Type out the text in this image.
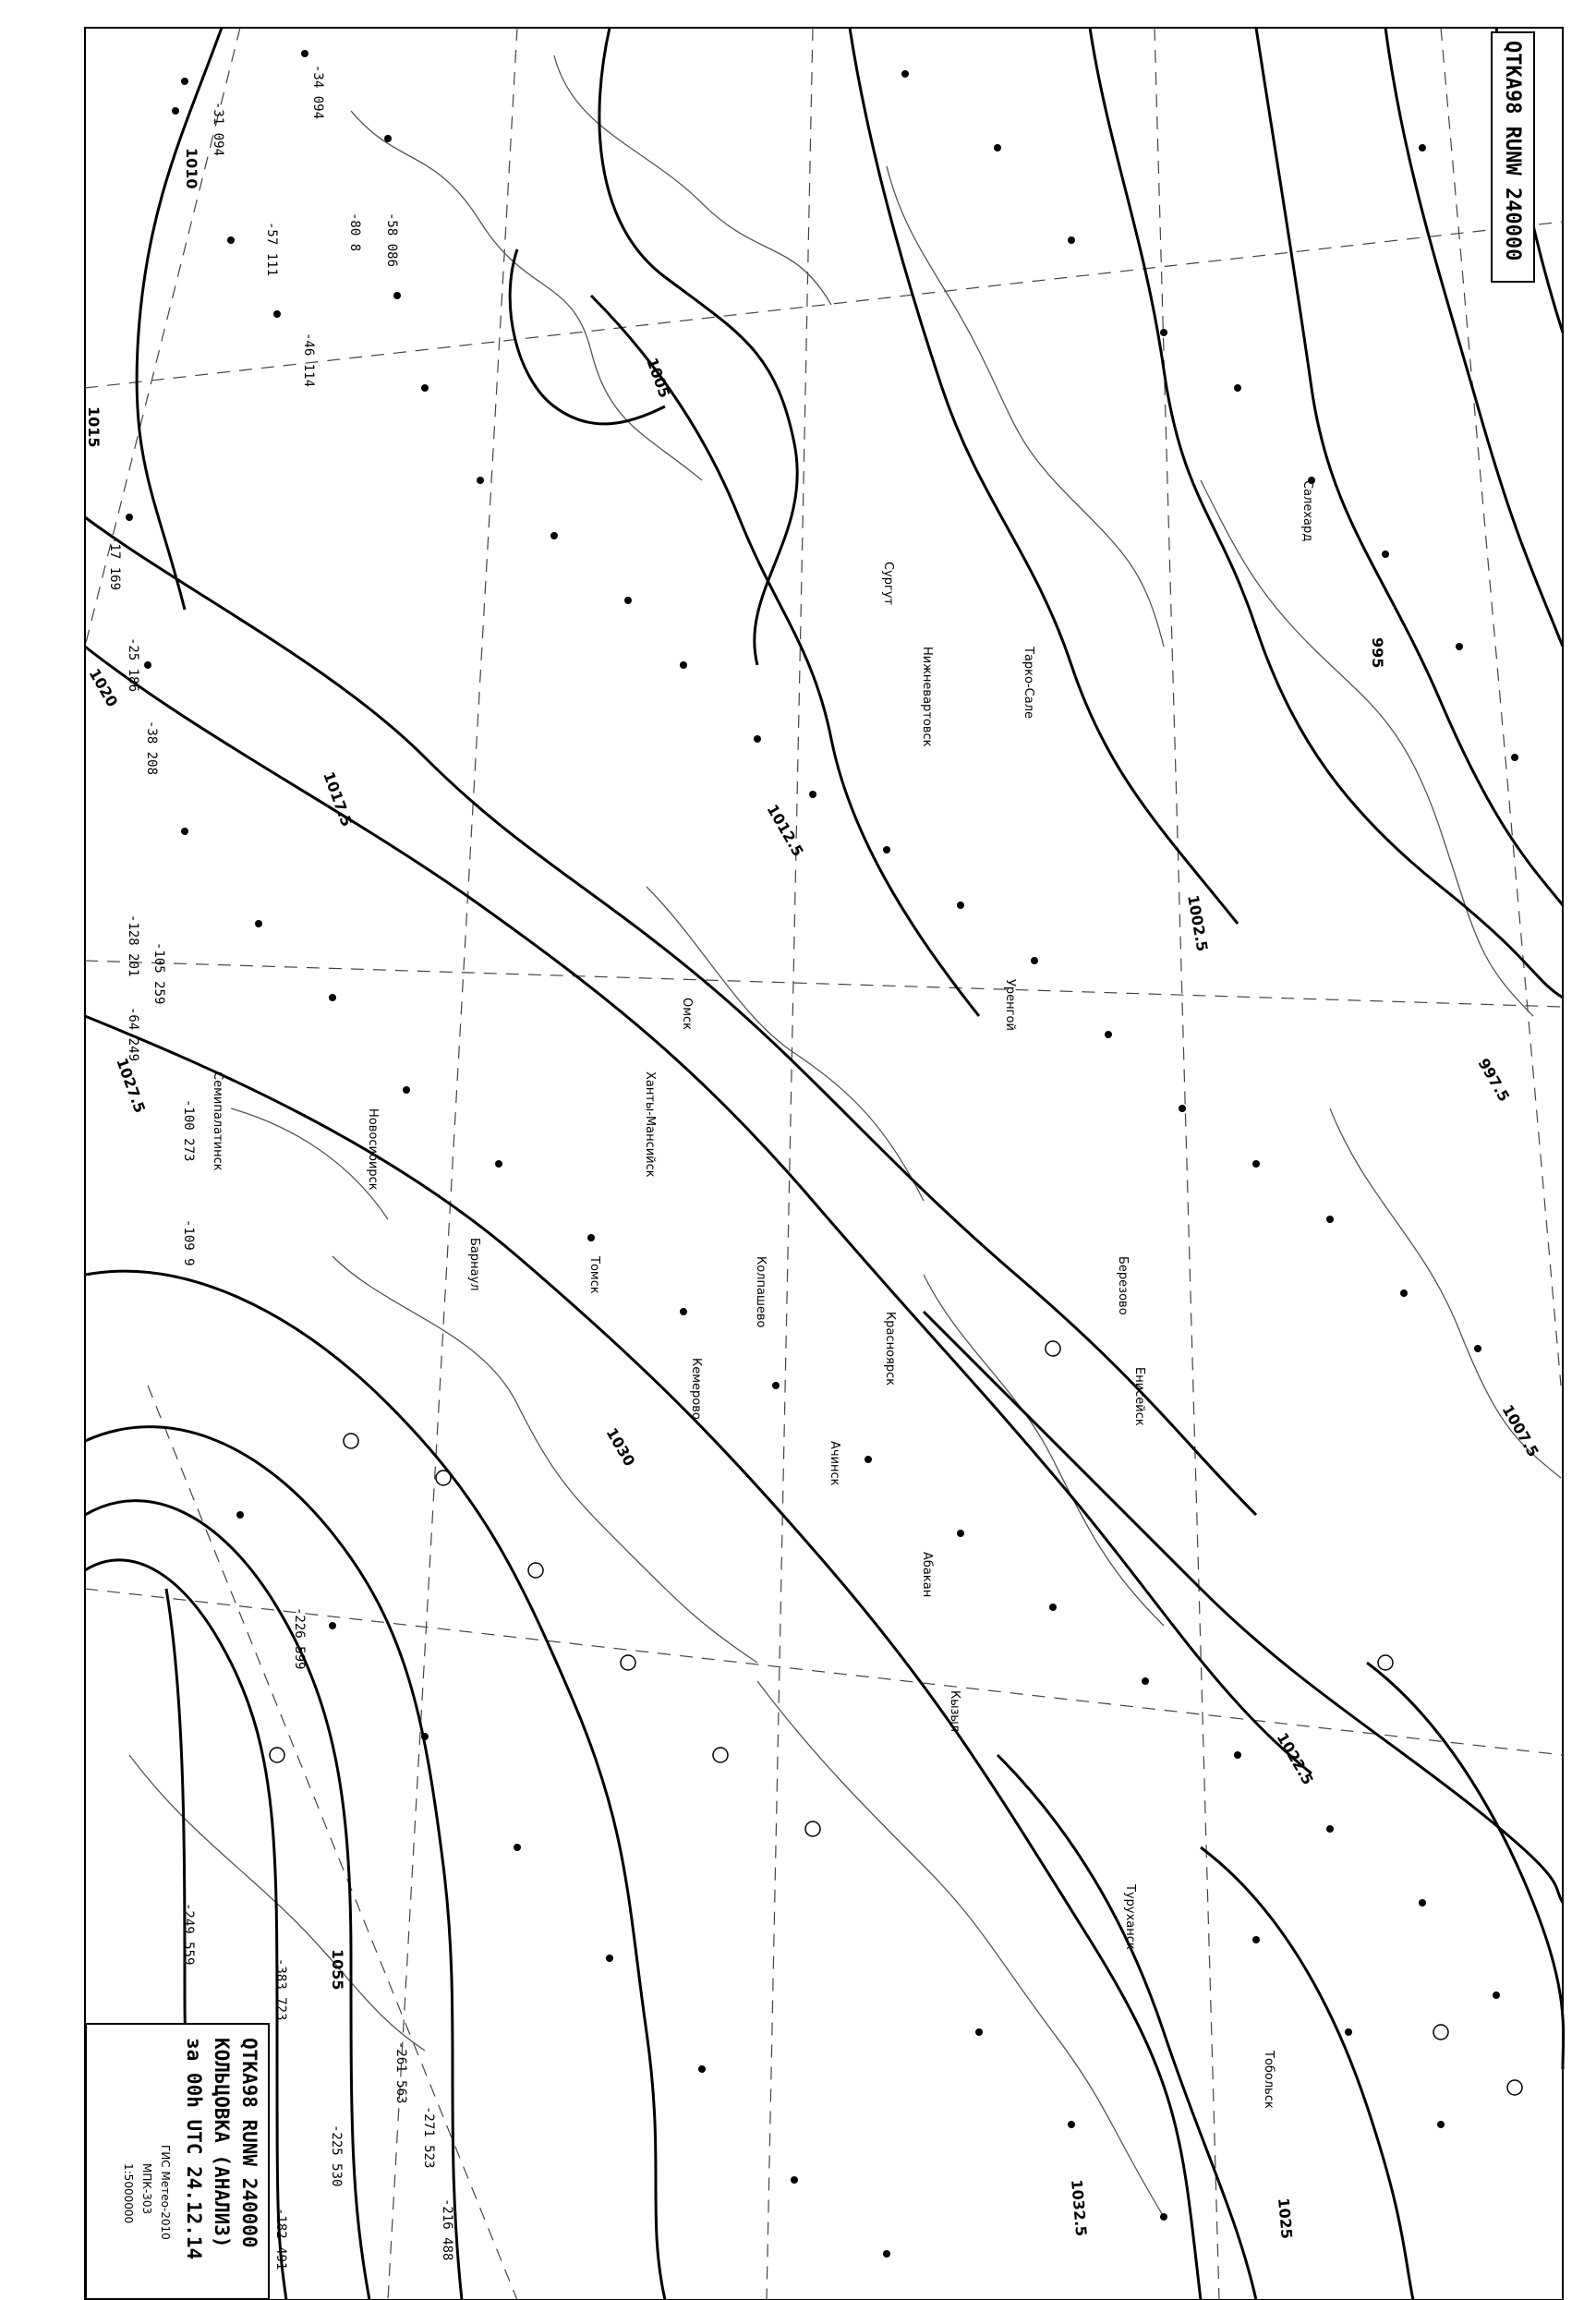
-31 094
-34 094
-57 111
-46 114
-58 086
-80 8
-17 169
-25 186
-38 208
-128 201 -105 259
-64 249
-100 273
-109 9
-226 599
-249 559
-383 723
-261 563
-271 523
-225 530
-182 491	-216 488
1005
1010
1015
1017.5
1020
1025
1027.5
1030
1032.5
1055
995
997.5
1002.5
1007.5
1012.5
1022.5
Сургут
Ханты-Мансийск
Нижневартовск
Березово
Салехард
Тарко-Сале
Уренгой
Туруханск
Колпашево
Тобольск
Томск
Барнаул
Новосибирск
Омск
Семипалатинск
Красноярск
Ачинск
Енисейск
Кемерово
Кызыл
Абакан
QTKA98 RUNW 240000
QTKA98 RUNW 240000
КОЛЬЦОВКА (АНАЛИЗ)
за 00h UTC 24.12.14
ГИС Метео-2010
МПК-303
1:5000000
